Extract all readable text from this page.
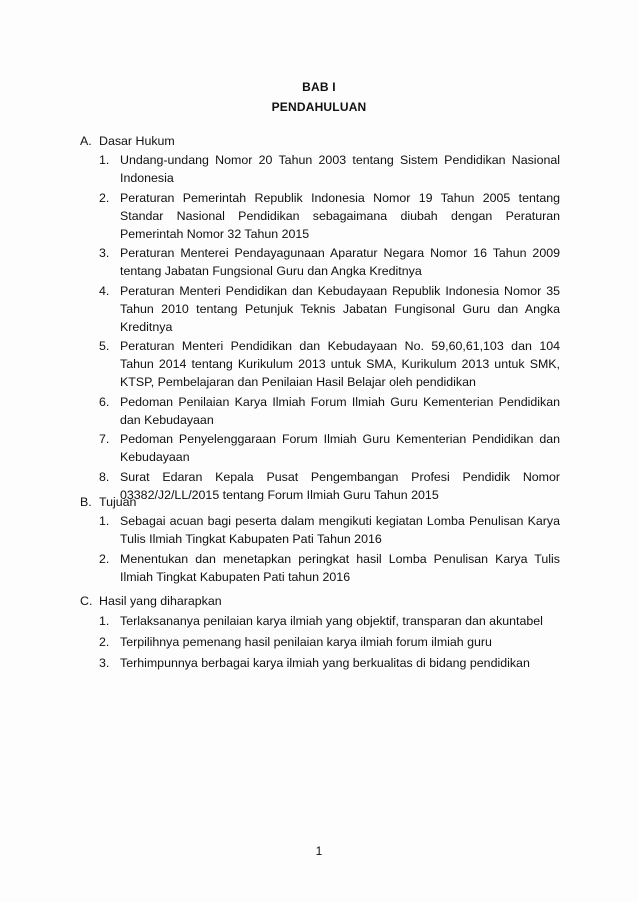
BAB I
PENDAHULUAN
A. Dasar Hukum
1. Undang-undang Nomor 20 Tahun 2003 tentang Sistem Pendidikan Nasional Indonesia
2. Peraturan Pemerintah Republik Indonesia Nomor 19 Tahun 2005 tentang Standar Nasional Pendidikan sebagaimana diubah dengan Peraturan Pemerintah Nomor 32 Tahun 2015
3. Peraturan Menterei Pendayagunaan Aparatur Negara Nomor 16 Tahun 2009 tentang Jabatan Fungsional Guru dan Angka Kreditnya
4. Peraturan Menteri Pendidikan dan Kebudayaan Republik Indonesia Nomor 35 Tahun 2010 tentang Petunjuk Teknis Jabatan Fungisonal Guru dan Angka Kreditnya
5. Peraturan Menteri Pendidikan dan Kebudayaan No. 59,60,61,103 dan 104 Tahun 2014 tentang Kurikulum 2013 untuk SMA, Kurikulum 2013 untuk SMK, KTSP, Pembelajaran dan Penilaian Hasil Belajar oleh pendidikan
6. Pedoman Penilaian Karya Ilmiah Forum Ilmiah Guru Kementerian Pendidikan dan Kebudayaan
7. Pedoman Penyelenggaraan Forum Ilmiah Guru Kementerian Pendidikan dan Kebudayaan
8. Surat Edaran Kepala Pusat Pengembangan Profesi Pendidik Nomor 03382/J2/LL/2015 tentang Forum Ilmiah Guru Tahun 2015
B. Tujuan
1. Sebagai acuan bagi peserta dalam mengikuti kegiatan Lomba Penulisan Karya Tulis Ilmiah Tingkat Kabupaten Pati Tahun 2016
2. Menentukan dan menetapkan peringkat hasil Lomba Penulisan Karya Tulis Ilmiah Tingkat Kabupaten Pati tahun 2016
C. Hasil yang diharapkan
1. Terlaksananya penilaian karya ilmiah yang objektif, transparan dan akuntabel
2. Terpilihnya pemenang hasil penilaian karya ilmiah forum ilmiah guru
3. Terhimpunnya berbagai karya ilmiah yang berkualitas di bidang pendidikan
1
